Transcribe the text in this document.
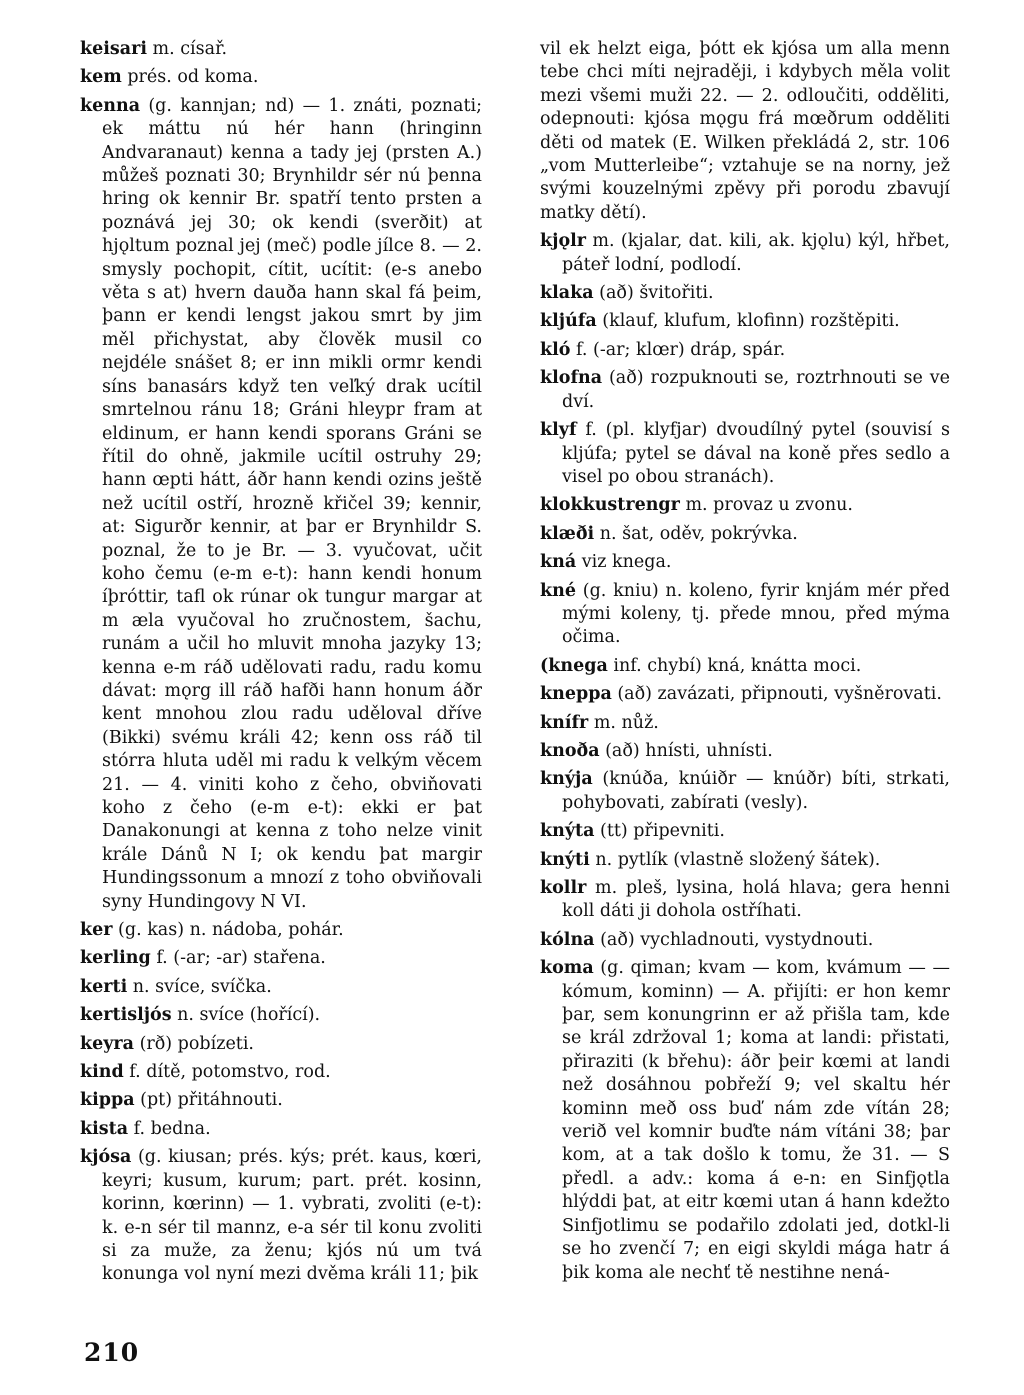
keisari m. císař.

kem prés. od koma.

kenna (g. kannjan; nd) — 1. znáti, poznati; ek máttu nú hér hann (hringinn Andvaranaut) kenna a tady jej (prsten A.) můžeš poznati 30; Brynhildr sér nú þenna hring ok kennir Br. spatří tento prsten a poznává jej 30; ok kendi (sverðit) at hjǫltum poznal jej (meč) podle jílce 8. — 2. smysly pochopit, cítit, ucítit: (e-s anebo věta s at) hvern dauða hann skal fá þeim, þann er kendi lengst jakou smrt by jim měl přichystat, aby člověk musil co nejdéle snášet 8; er inn mikli ormr kendi síns banasárs když ten veľký drak ucítil smrtelnou ránu 18; Gráni hleypr fram at eldinum, er hann kendi sporans Gráni se řítil do ohně, jakmile ucítil ostruhy 29; hann œpti hátt, áðr hann kendi ozins ještě než ucítil ostří, hrozně křičel 39; kennir, at: Sigurðr kennir, at þar er Brynhildr S. poznal, že to je Br. — 3. vyučovat, učit koho čemu (e-m e-t): hann kendi honum íþróttir, tafl ok rúnar ok tungur margar at m æla vyučoval ho zručnostem, šachu, runám a učil ho mluvit mnoha jazyky 13; kenna e-m ráð udělovati radu, radu komu dávat: mǫrg ill ráð hafði hann honum áðr kent mnohou zlou radu uděloval dříve (Bikki) svému králi 42; kenn oss ráð til stórra hluta uděl mi radu k velkým věcem 21. — 4. viniti koho z čeho, obviňovati koho z čeho (e-m e-t): ekki er þat Danakonungi at kenna z toho nelze vinit krále Dánů N I; ok kendu þat margir Hundingssonum a mnozí z toho obviňovali syny Hundingovy N VI.

ker (g. kas) n. nádoba, pohár.

kerling f. (-ar; -ar) stařena.

kerti n. svíce, svíčka.

kertisljós n. svíce (hořící).

keyra (rð) pobízeti.

kind f. dítě, potomstvo, rod.

kippa (pt) přitáhnouti.

kista f. bedna.

kjósa (g. kiusan; prés. kýs; prét. kaus, kœri, keyri; kusum, kurum; part. prét. kosinn, korinn, kœrinn) — 1. vybrati, zvoliti (e-t): k. e-n sér til mannz, e-a sér til konu zvoliti si za muže, za ženu; kjós nú um tvá konunga vol nyní mezi dvěma králi 11; þik

vil ek helzt eiga, þótt ek kjósa um alla menn tebe chci míti nejraději, i kdybych měla volit mezi všemi muži 22. — 2. odloučiti, odděliti, odepnouti: kjósa mǫgu frá mœðrum odděliti děti od matek (E. Wilken překládá 2, str. 106 „vom Mutterleibe“; vztahuje se na norny, jež svými kouzelnými zpěvy při porodu zbavují matky dětí).

kjǫlr m. (kjalar, dat. kili, ak. kjǫlu) kýl, hřbet, páteř lodní, podlodí.

klaka (að) švitořiti.

kljúfa (klauf, klufum, klofinn) rozštěpiti.

kló f. (-ar; klœr) dráp, spár.

klofna (að) rozpuknouti se, roztrhnouti se ve dví.

klyf f. (pl. klyfjar) dvoudílný pytel (souvisí s kljúfa; pytel se dával na koně přes sedlo a visel po obou stranách).

klokkustrengr m. provaz u zvonu.

klæði n. šat, oděv, pokrývka.

kná viz knega.

kné (g. kniu) n. koleno, fyrir knjám mér před mými koleny, tj. přede mnou, před mýma očima.

(knega inf. chybí) kná, knátta moci.

kneppa (að) zavázati, připnouti, vyšněrovati.

knífr m. nůž.

knoða (að) hnísti, uhnísti.

knýja (knúða, knúiðr — knúðr) bíti, strkati, pohybovati, zabírati (vesly).

knýta (tt) připevniti.

knýti n. pytlík (vlastně složený šátek).

kollr m. pleš, lysina, holá hlava; gera henni koll dáti ji dohola ostříhati.

kólna (að) vychladnouti, vystydnouti.

koma (g. qiman; kvam — kom, kvámum — — kómum, kominn) — A. přijíti: er hon kemr þar, sem konungrinn er až přišla tam, kde se král zdržoval 1; koma at landi: přistati, přiraziti (k břehu): áðr þeir kœmi at landi než dosáhnou pobřeží 9; vel skaltu hér kominn með oss buď nám zde vítán 28; verið vel komnir buďte nám vítáni 38; þar kom, at a tak došlo k tomu, že 31. — S předl. a adv.: koma á e-n: en Sinfjǫtla hlýddi þat, at eitr kœmi utan á hann kdežto Sinfjotlimu se podařilo zdolati jed, dotkl-li se ho zvenčí 7; en eigi skyldi mága hatr á þik koma ale nechť tě nestihne nená-

210
